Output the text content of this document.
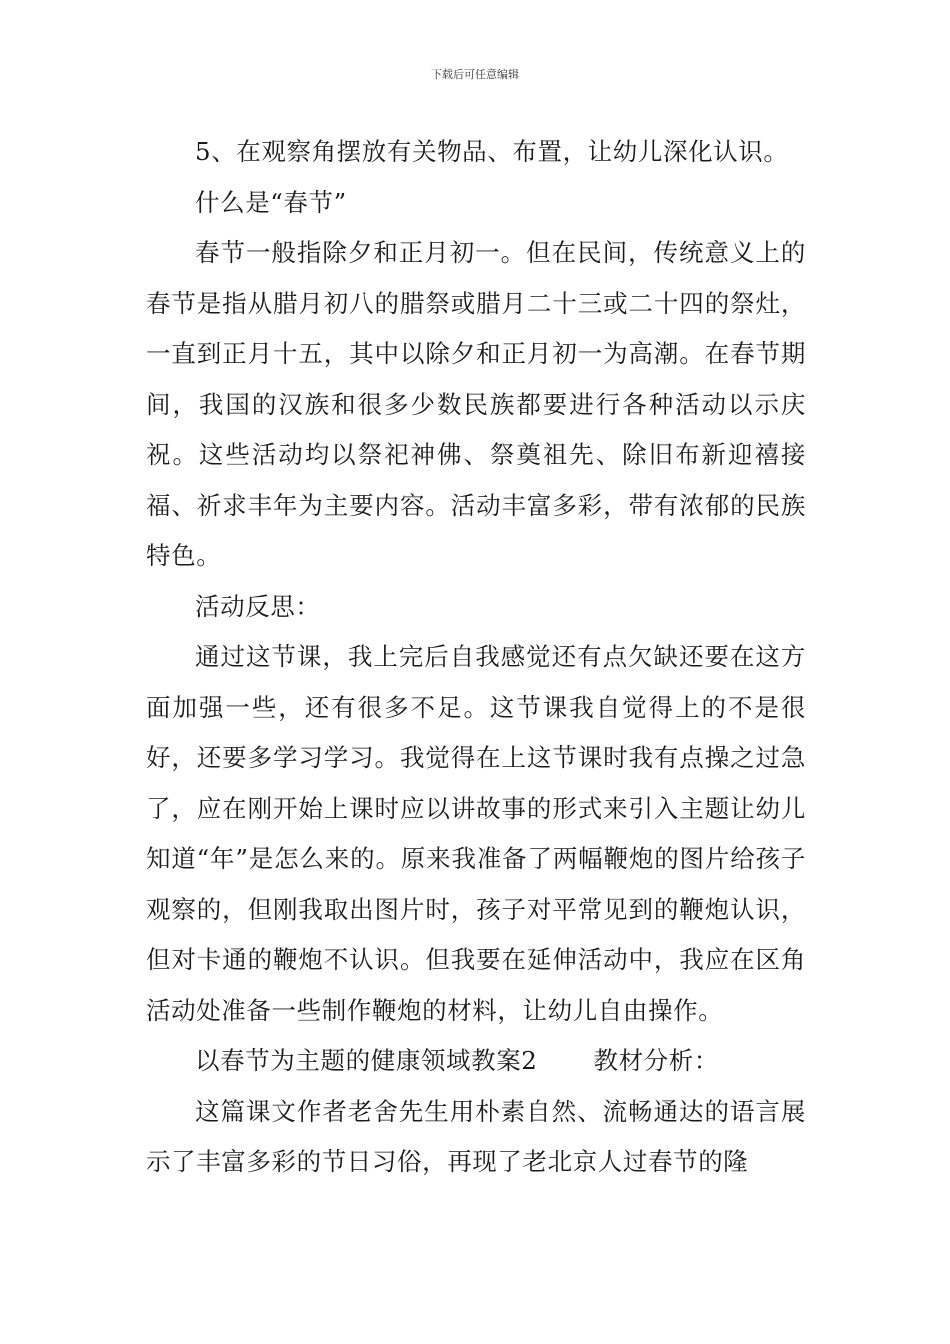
下载后可任意编辑

5、在观察角摆放有关物品、布置，让幼儿深化认识。

什么是“春节”

春节一般指除夕和正月初一。但在民间，传统意义上的春节是指从腊月初八的腊祭或腊月二十三或二十四的祭灶，一直到正月十五，其中以除夕和正月初一为高潮。在春节期间，我国的汉族和很多少数民族都要进行各种活动以示庆祝。这些活动均以祭祀神佛、祭奠祖先、除旧布新迎禧接福、祈求丰年为主要内容。活动丰富多彩，带有浓郁的民族特色。

活动反思：

通过这节课，我上完后自我感觉还有点欠缺还要在这方面加强一些，还有很多不足。这节课我自觉得上的不是很好，还要多学习学习。我觉得在上这节课时我有点操之过急了，应在刚开始上课时应以讲故事的形式来引入主题让幼儿知道“年”是怎么来的。原来我准备了两幅鞭炮的图片给孩子观察的，但刚我取出图片时，孩子对平常见到的鞭炮认识，但对卡通的鞭炮不认识。但我要在延伸活动中，我应在区角活动处准备一些制作鞭炮的材料，让幼儿自由操作。

以春节为主题的健康领域教案2 教材分析：

这篇课文作者老舍先生用朴素自然、流畅通达的语言展示了丰富多彩的节日习俗，再现了老北京人过春节的隆
